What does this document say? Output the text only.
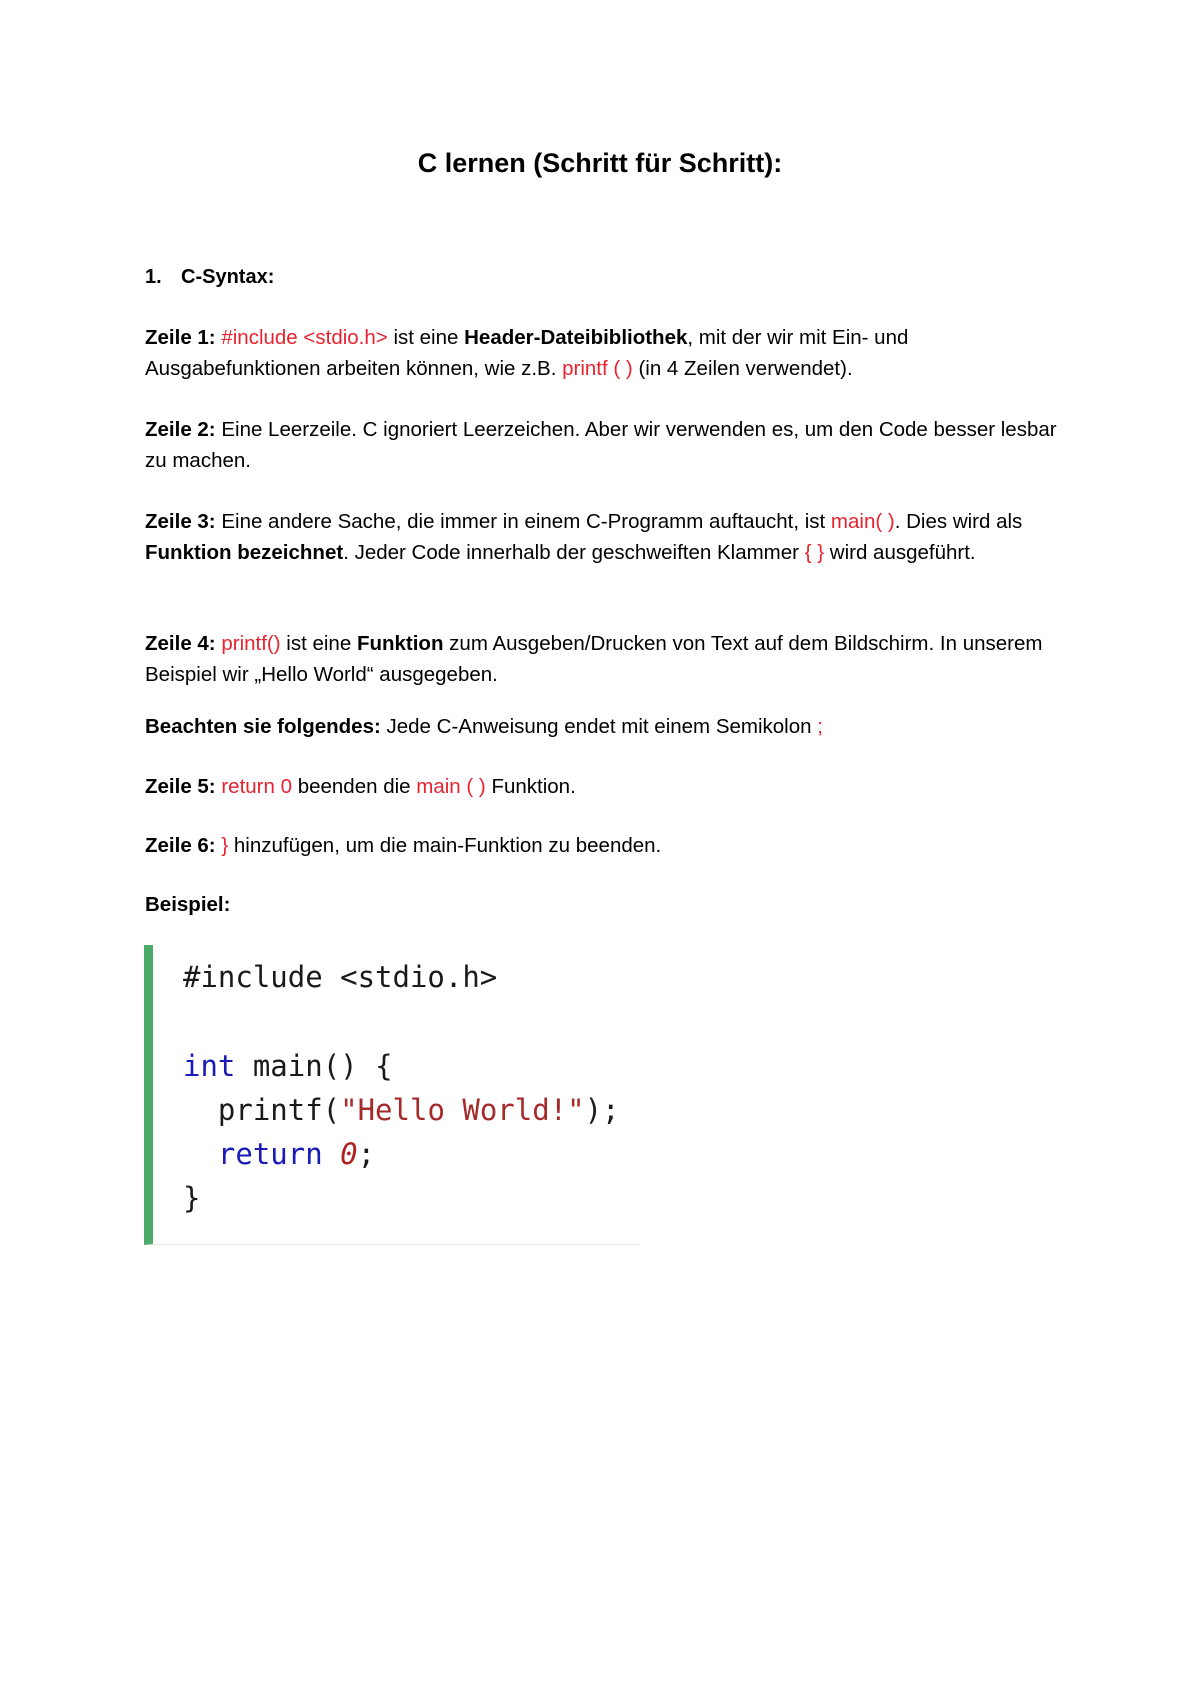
C lernen (Schritt für Schritt):
1. C-Syntax:
Zeile 1: #include <stdio.h> ist eine Header-Dateibibliothek, mit der wir mit Ein- und Ausgabefunktionen arbeiten können, wie z.B. printf ( ) (in 4 Zeilen verwendet).
Zeile 2: Eine Leerzeile. C ignoriert Leerzeichen. Aber wir verwenden es, um den Code besser lesbar zu machen.
Zeile 3: Eine andere Sache, die immer in einem C-Programm auftaucht, ist main( ). Dies wird als Funktion bezeichnet. Jeder Code innerhalb der geschweiften Klammer { } wird ausgeführt.
Zeile 4: printf() ist eine Funktion zum Ausgeben/Drucken von Text auf dem Bildschirm. In unserem Beispiel wir „Hello World“ ausgegeben.
Beachten sie folgendes: Jede C-Anweisung endet mit einem Semikolon ;
Zeile 5: return 0 beenden die main ( ) Funktion.
Zeile 6: } hinzufügen, um die main-Funktion zu beenden.
Beispiel:
#include <stdio.h>
int main() {
printf("Hello World!");
return 0;
}
